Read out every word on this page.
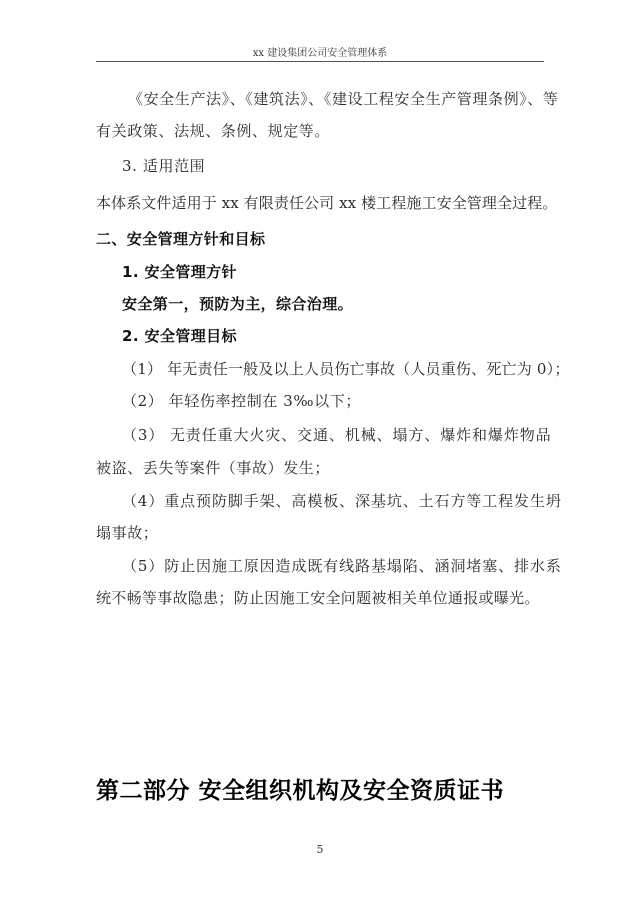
xx 建设集团公司安全管理体系
《安全生产法》、《建筑法》、《建设工程安全生产管理条例》、等
有关政策、法规、条例、规定等。
3. 适用范围
本体系文件适用于 xx 有限责任公司 xx 楼工程施工安全管理全过程。
二、安全管理方针和目标
1. 安全管理方针
安全第一，预防为主，综合治理。
2. 安全管理目标
（1） 年无责任一般及以上人员伤亡事故（人员重伤、死亡为 0）；
（2） 年轻伤率控制在 3‰以下；
（3） 无责任重大火灾、交通、机械、塌方、爆炸和爆炸物品
被盗、丢失等案件（事故）发生；
（4）重点预防脚手架、高模板、深基坑、土石方等工程发生坍
塌事故；
（5）防止因施工原因造成既有线路基塌陷、涵洞堵塞、排水系
统不畅等事故隐患；防止因施工安全问题被相关单位通报或曝光。
第二部分 安全组织机构及安全资质证书
5
